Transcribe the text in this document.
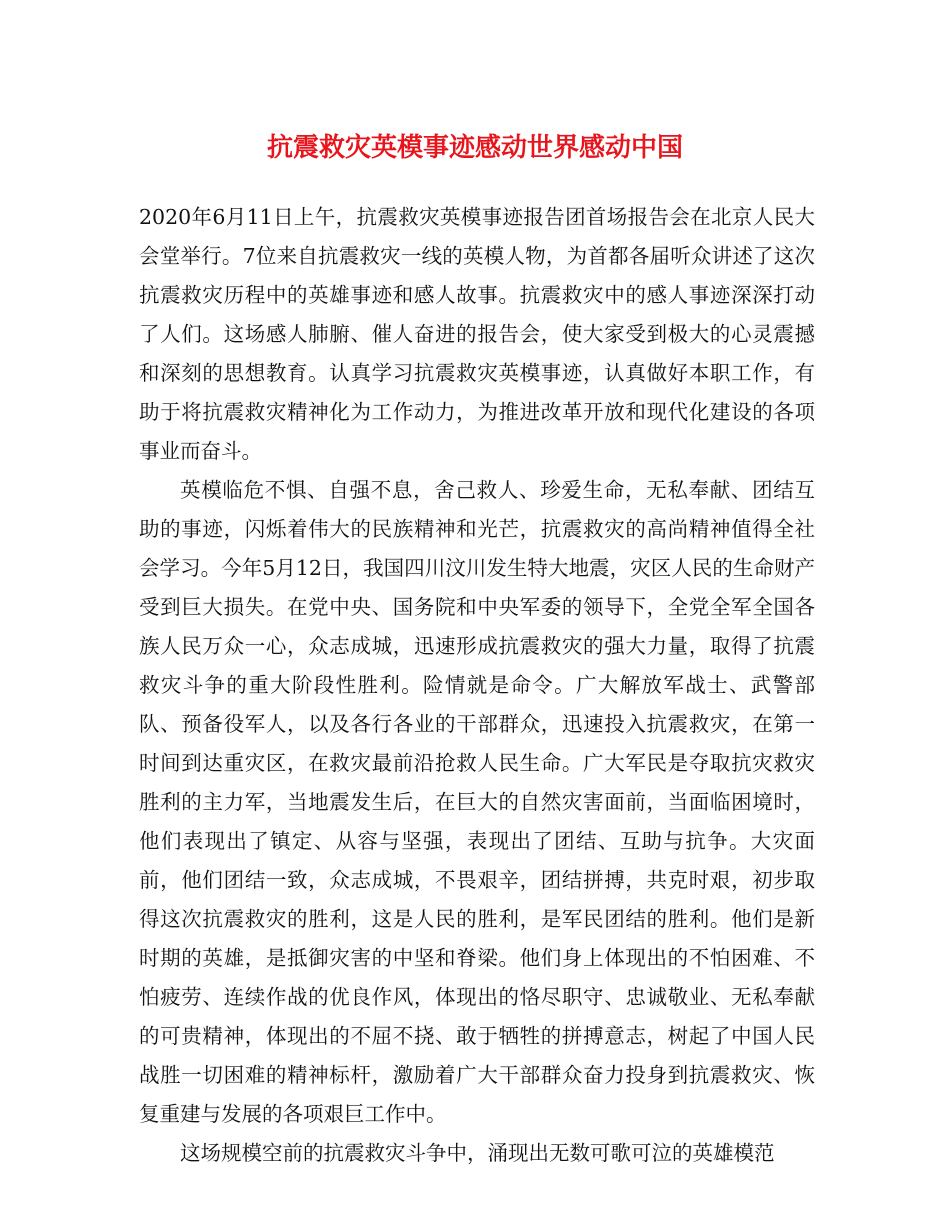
抗震救灾英模事迹感动世界感动中国

2020年6月11日上午，抗震救灾英模事迹报告团首场报告会在北京人民大会堂举行。7位来自抗震救灾一线的英模人物，为首都各届听众讲述了这次抗震救灾历程中的英雄事迹和感人故事。抗震救灾中的感人事迹深深打动了人们。这场感人肺腑、催人奋进的报告会，使大家受到极大的心灵震撼和深刻的思想教育。认真学习抗震救灾英模事迹，认真做好本职工作，有助于将抗震救灾精神化为工作动力，为推进改革开放和现代化建设的各项事业而奋斗。

英模临危不惧、自强不息，舍己救人、珍爱生命，无私奉献、团结互助的事迹，闪烁着伟大的民族精神和光芒，抗震救灾的高尚精神值得全社会学习。今年5月12日，我国四川汶川发生特大地震，灾区人民的生命财产受到巨大损失。在党中央、国务院和中央军委的领导下，全党全军全国各族人民万众一心，众志成城，迅速形成抗震救灾的强大力量，取得了抗震救灾斗争的重大阶段性胜利。险情就是命令。广大解放军战士、武警部队、预备役军人，以及各行各业的干部群众，迅速投入抗震救灾，在第一时间到达重灾区，在救灾最前沿抢救人民生命。广大军民是夺取抗灾救灾胜利的主力军，当地震发生后，在巨大的自然灾害面前，当面临困境时，他们表现出了镇定、从容与坚强，表现出了团结、互助与抗争。大灾面前，他们团结一致，众志成城，不畏艰辛，团结拼搏，共克时艰，初步取得这次抗震救灾的胜利，这是人民的胜利，是军民团结的胜利。他们是新时期的英雄，是抵御灾害的中坚和脊梁。他们身上体现出的不怕困难、不怕疲劳、连续作战的优良作风，体现出的恪尽职守、忠诚敬业、无私奉献的可贵精神，体现出的不屈不挠、敢于牺牲的拼搏意志，树起了中国人民战胜一切困难的精神标杆，激励着广大干部群众奋力投身到抗震救灾、恢复重建与发展的各项艰巨工作中。

这场规模空前的抗震救灾斗争中，涌现出无数可歌可泣的英雄模范
